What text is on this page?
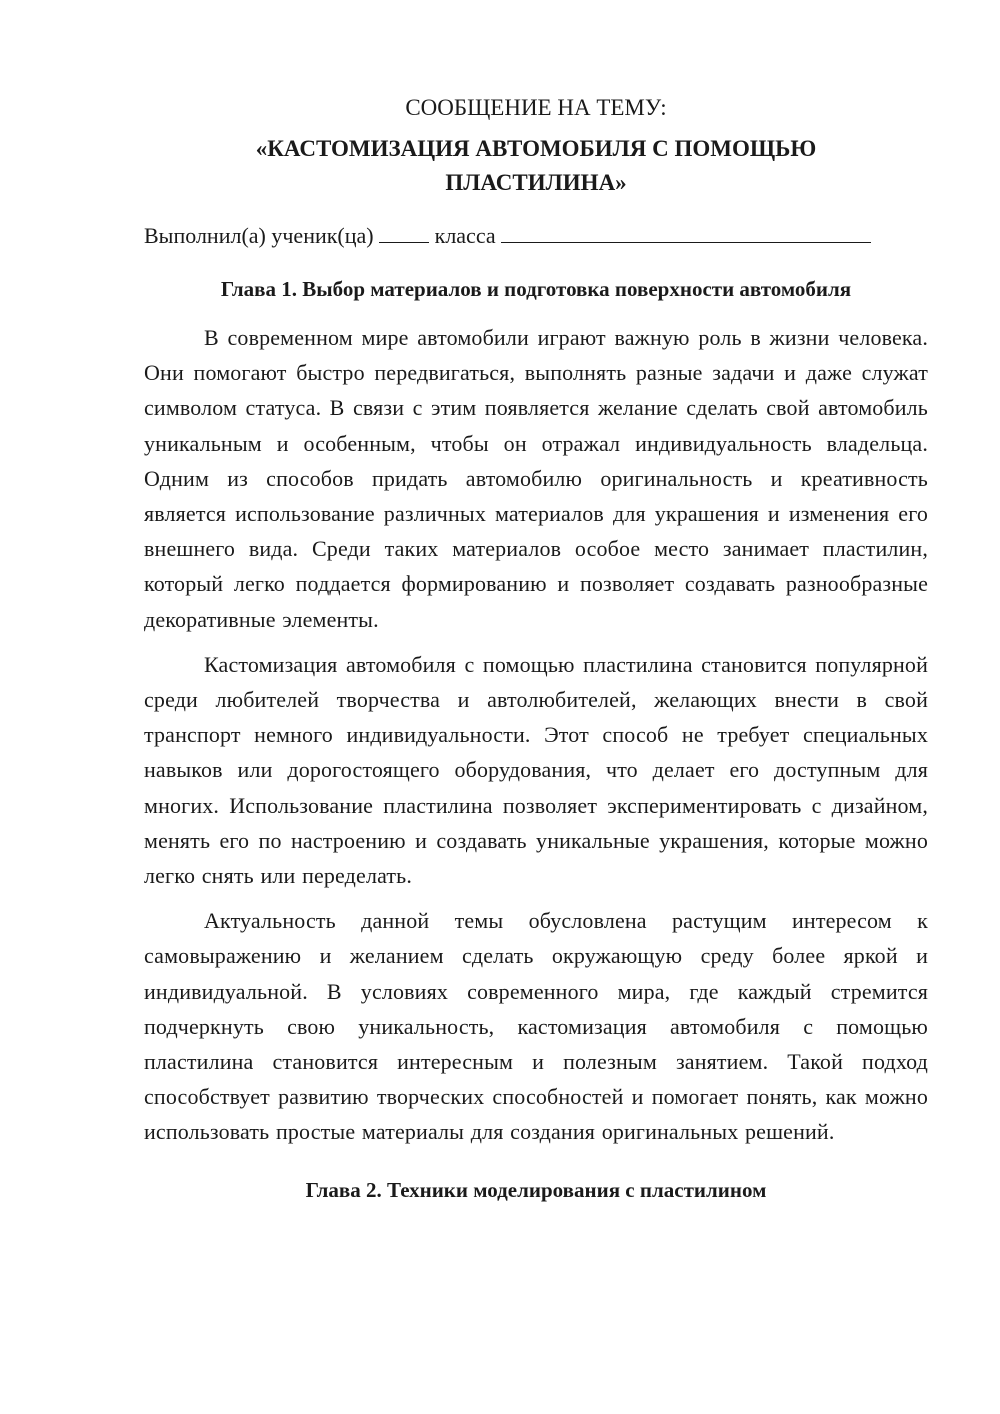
СООБЩЕНИЕ НА ТЕМУ:
«КАСТОМИЗАЦИЯ АВТОМОБИЛЯ С ПОМОЩЬЮ
ПЛАСТИЛИНА»
Выполнил(а) ученик(ца)	класса
Глава 1. Выбор материалов и подготовка поверхности автомобиля

В современном мире автомобили играют важную роль в жизни человека. Они помогают быстро передвигаться, выполнять разные задачи и даже служат символом статуса. В связи с этим появляется желание сделать свой автомобиль уникальным и особенным, чтобы он отражал индивидуальность владельца. Одним из способов придать автомобилю оригинальность и креативность является использование различных материалов для украшения и изменения его внешнего вида. Среди таких материалов особое место занимает пластилин, который легко поддается формированию и позволяет создавать разнообразные декоративные элементы.

Кастомизация автомобиля с помощью пластилина становится популярной среди любителей творчества и автолюбителей, желающих внести в свой транспорт немного индивидуальности. Этот способ не требует специальных навыков или дорогостоящего оборудования, что делает его доступным для многих. Использование пластилина позволяет экспериментировать с дизайном, менять его по настроению и создавать уникальные украшения, которые можно легко снять или переделать.

Актуальность данной темы обусловлена растущим интересом к самовыражению и желанием сделать окружающую среду более яркой и индивидуальной. В условиях современного мира, где каждый стремится подчеркнуть свою уникальность, кастомизация автомобиля с помощью пластилина становится интересным и полезным занятием. Такой подход способствует развитию творческих способностей и помогает понять, как можно использовать простые материалы для создания оригинальных решений.

Глава 2. Техники моделирования с пластилином
